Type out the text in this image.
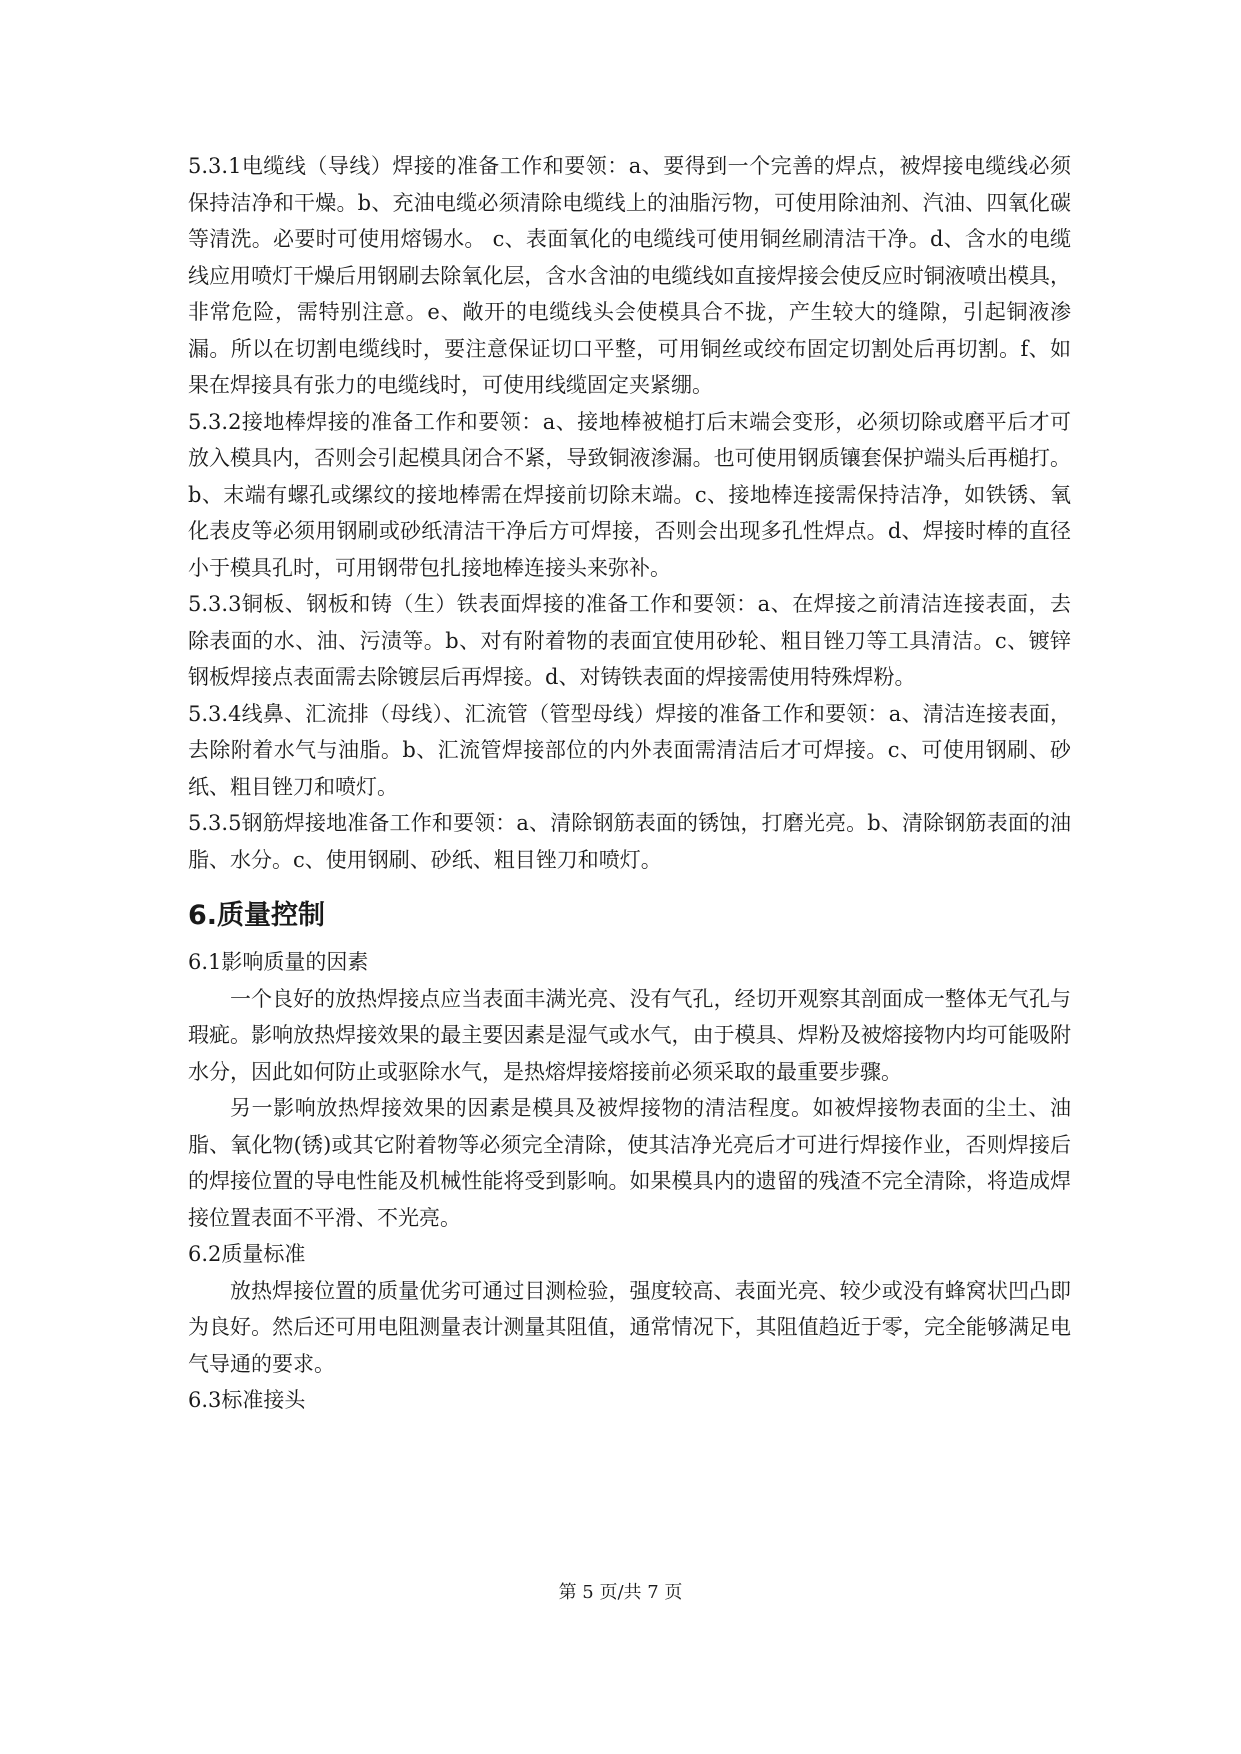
5.3.1电缆线（导线）焊接的准备工作和要领：a、要得到一个完善的焊点，被焊接电缆线必须保持洁净和干燥。b、充油电缆必须清除电缆线上的油脂污物，可使用除油剂、汽油、四氧化碳等清洗。必要时可使用熔锡水。 c、表面氧化的电缆线可使用铜丝刷清洁干净。d、含水的电缆线应用喷灯干燥后用钢刷去除氧化层，含水含油的电缆线如直接焊接会使反应时铜液喷出模具，非常危险，需特别注意。e、敞开的电缆线头会使模具合不拢，产生较大的缝隙，引起铜液渗漏。所以在切割电缆线时，要注意保证切口平整，可用铜丝或绞布固定切割处后再切割。f、如果在焊接具有张力的电缆线时，可使用线缆固定夹紧绷。

5.3.2接地棒焊接的准备工作和要领：a、接地棒被槌打后末端会变形，必须切除或磨平后才可放入模具内，否则会引起模具闭合不紧，导致铜液渗漏。也可使用钢质镶套保护端头后再槌打。b、末端有螺孔或缧纹的接地棒需在焊接前切除末端。c、接地棒连接需保持洁净，如铁锈、氧化表皮等必须用钢刷或砂纸清洁干净后方可焊接，否则会出现多孔性焊点。d、焊接时棒的直径小于模具孔时，可用钢带包扎接地棒连接头来弥补。

5.3.3铜板、钢板和铸（生）铁表面焊接的准备工作和要领：a、在焊接之前清洁连接表面，去除表面的水、油、污渍等。b、对有附着物的表面宜使用砂轮、粗目锉刀等工具清洁。c、镀锌钢板焊接点表面需去除镀层后再焊接。d、对铸铁表面的焊接需使用特殊焊粉。

5.3.4线鼻、汇流排（母线）、汇流管（管型母线）焊接的准备工作和要领：a、清洁连接表面，去除附着水气与油脂。b、汇流管焊接部位的内外表面需清洁后才可焊接。c、可使用钢刷、砂纸、粗目锉刀和喷灯。

5.3.5钢筋焊接地准备工作和要领：a、清除钢筋表面的锈蚀，打磨光亮。b、清除钢筋表面的油脂、水分。c、使用钢刷、砂纸、粗目锉刀和喷灯。

6.质量控制

6.1影响质量的因素

一个良好的放热焊接点应当表面丰满光亮、没有气孔，经切开观察其剖面成一整体无气孔与瑕疵。影响放热焊接效果的最主要因素是湿气或水气，由于模具、焊粉及被熔接物内均可能吸附水分，因此如何防止或驱除水气，是热熔焊接熔接前必须采取的最重要步骤。

另一影响放热焊接效果的因素是模具及被焊接物的清洁程度。如被焊接物表面的尘土、油脂、氧化物(锈)或其它附着物等必须完全清除，使其洁净光亮后才可进行焊接作业，否则焊接后的焊接位置的导电性能及机械性能将受到影响。如果模具内的遗留的残渣不完全清除，将造成焊接位置表面不平滑、不光亮。

6.2质量标准

放热焊接位置的质量优劣可通过目测检验，强度较高、表面光亮、较少或没有蜂窝状凹凸即为良好。然后还可用电阻测量表计测量其阻值，通常情况下，其阻值趋近于零，完全能够满足电气导通的要求。

6.3标准接头

第 5 页/共 7 页
